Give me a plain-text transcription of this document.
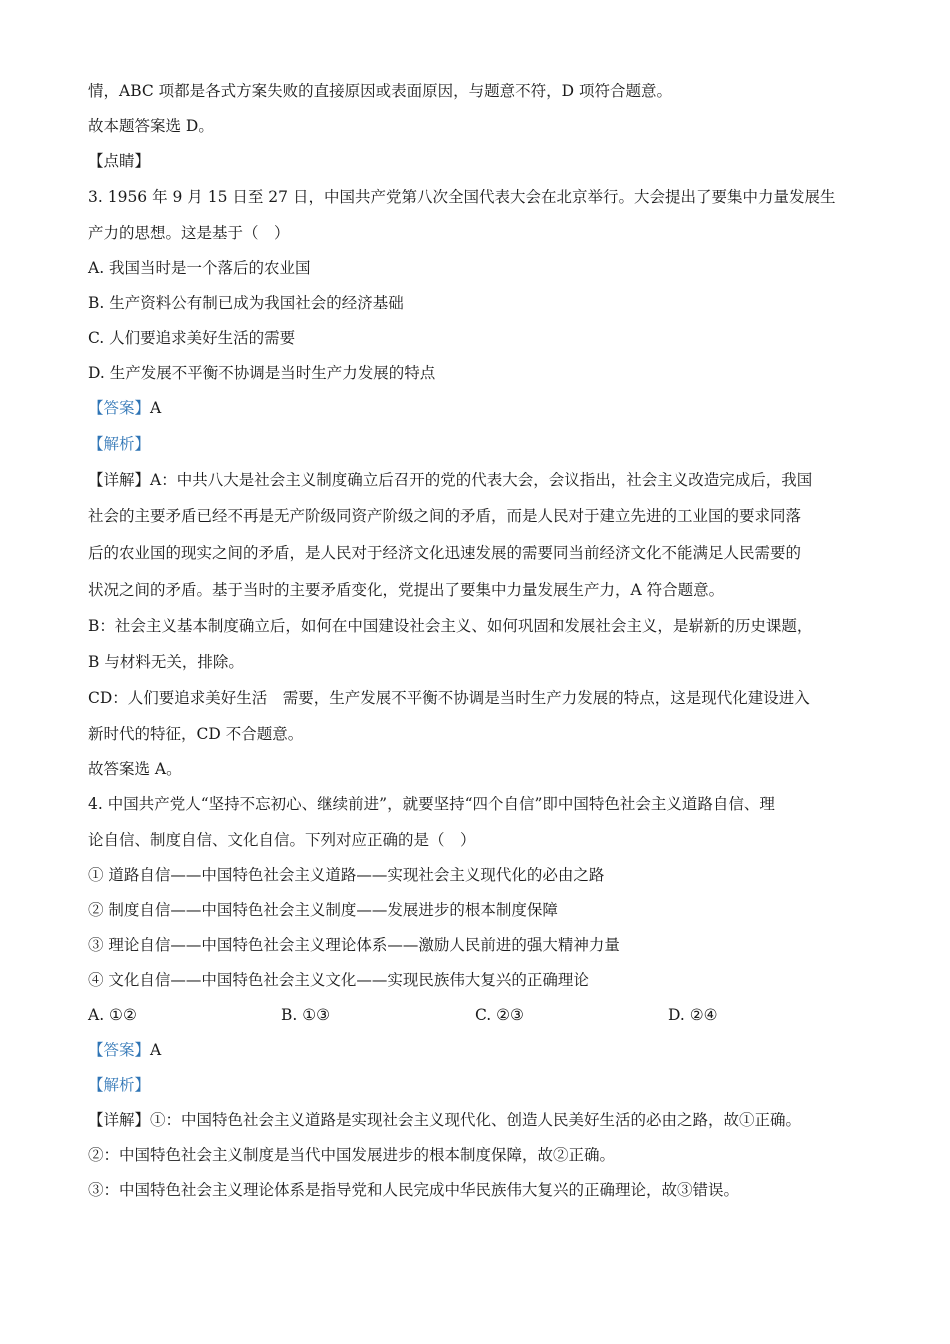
情，ABC 项都是各式方案失败的直接原因或表面原因，与题意不符，D 项符合题意。
故本题答案选 D。
【点睛】
3. 1956 年 9 月 15 日至 27 日，中国共产党第八次全国代表大会在北京举行。大会提出了要集中力量发展生
产力的思想。这是基于（　）
A. 我国当时是一个落后的农业国
B. 生产资料公有制已成为我国社会的经济基础
C. 人们要追求美好生活的需要
D. 生产发展不平衡不协调是当时生产力发展的特点
【答案】A
【解析】
【详解】A：中共八大是社会主义制度确立后召开的党的代表大会，会议指出，社会主义改造完成后，我国
社会的主要矛盾已经不再是无产阶级同资产阶级之间的矛盾，而是人民对于建立先进的工业国的要求同落
后的农业国的现实之间的矛盾，是人民对于经济文化迅速发展的需要同当前经济文化不能满足人民需要的
状况之间的矛盾。基于当时的主要矛盾变化，党提出了要集中力量发展生产力，A 符合题意。
B：社会主义基本制度确立后，如何在中国建设社会主义、如何巩固和发展社会主义，是崭新的历史课题，
B 与材料无关，排除。
CD：人们要追求美好生活　需要，生产发展不平衡不协调是当时生产力发展的特点，这是现代化建设进入
新时代的特征，CD 不合题意。
故答案选 A。
4. 中国共产党人“坚持不忘初心、继续前进”，就要坚持“四个自信”即中国特色社会主义道路自信、理
论自信、制度自信、文化自信。下列对应正确的是（　）
① 道路自信——中国特色社会主义道路——实现社会主义现代化的必由之路
② 制度自信——中国特色社会主义制度——发展进步的根本制度保障
③ 理论自信——中国特色社会主义理论体系——激励人民前进的强大精神力量
④ 文化自信——中国特色社会主义文化——实现民族伟大复兴的正确理论
A. ①②	B. ①③	C. ②③	D. ②④
【答案】A
【解析】
【详解】①：中国特色社会主义道路是实现社会主义现代化、创造人民美好生活的必由之路，故①正确。
②：中国特色社会主义制度是当代中国发展进步的根本制度保障，故②正确。
③：中国特色社会主义理论体系是指导党和人民完成中华民族伟大复兴的正确理论，故③错误。
